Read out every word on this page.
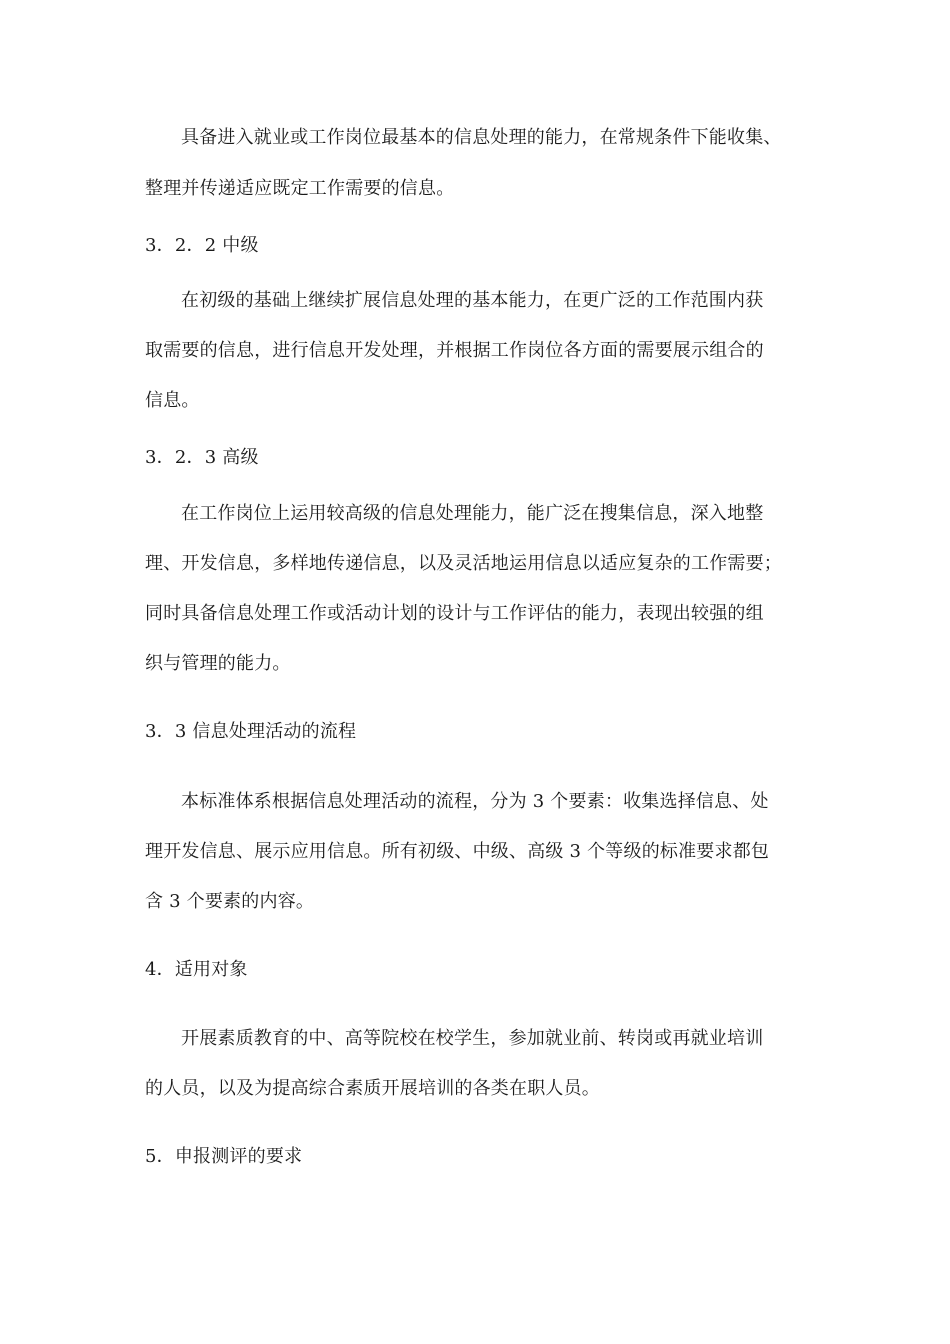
具备进入就业或工作岗位最基本的信息处理的能力，在常规条件下能收集、
整理并传递适应既定工作需要的信息。
3．2．2 中级
在初级的基础上继续扩展信息处理的基本能力，在更广泛的工作范围内获
取需要的信息，进行信息开发处理，并根据工作岗位各方面的需要展示组合的
信息。
3．2．3 高级
在工作岗位上运用较高级的信息处理能力，能广泛在搜集信息，深入地整
理、开发信息，多样地传递信息，以及灵活地运用信息以适应复杂的工作需要；
同时具备信息处理工作或活动计划的设计与工作评估的能力，表现出较强的组
织与管理的能力。
3．3 信息处理活动的流程
本标准体系根据信息处理活动的流程，分为 3 个要素：收集选择信息、处
理开发信息、展示应用信息。所有初级、中级、高级 3 个等级的标准要求都包
含 3 个要素的内容。
4．适用对象
开展素质教育的中、高等院校在校学生，参加就业前、转岗或再就业培训
的人员，以及为提高综合素质开展培训的各类在职人员。
5．申报测评的要求
